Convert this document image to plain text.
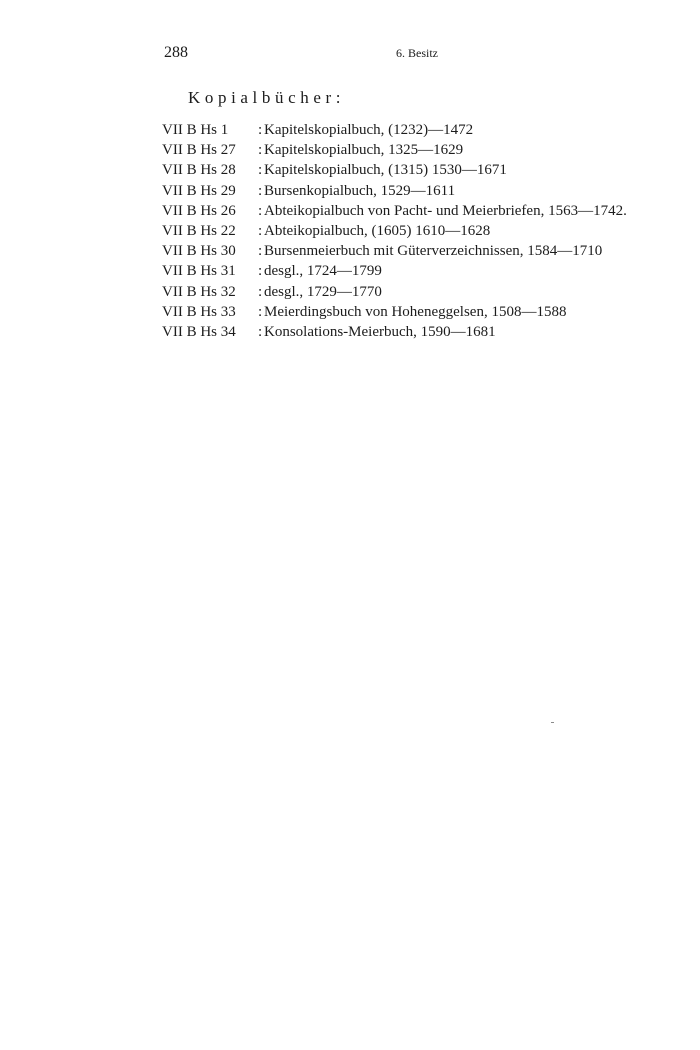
288	6. Besitz
Kopialbücher:
VII B Hs 1	: Kapitelskopialbuch, (1232)—1472
VII B Hs 27	: Kapitelskopialbuch, 1325—1629
VII B Hs 28	: Kapitelskopialbuch, (1315) 1530—1671
VII B Hs 29	: Bursenkopialbuch, 1529—1611
VII B Hs 26	: Abteikopialbuch von Pacht- und Meierbriefen, 1563—1742.
VII B Hs 22	: Abteikopialbuch, (1605) 1610—1628
VII B Hs 30	: Bursenmeierbuch mit Güterverzeichnissen, 1584—1710
VII B Hs 31	: desgl., 1724—1799
VII B Hs 32	: desgl., 1729—1770
VII B Hs 33	: Meierdingsbuch von Hoheneggelsen, 1508—1588
VII B Hs 34	: Konsolations-Meierbuch, 1590—1681
